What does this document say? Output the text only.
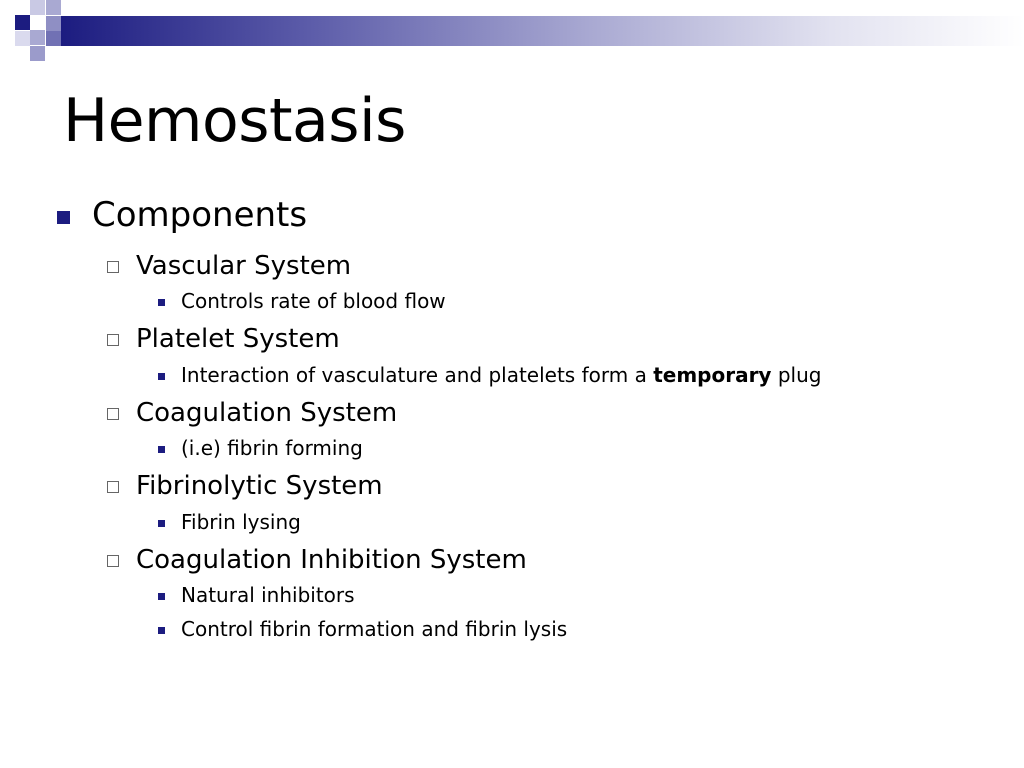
Hemostasis
Components
Vascular System
Controls rate of blood flow
Platelet System
Interaction of vasculature and platelets form a temporary plug
Coagulation System
(i.e) fibrin forming
Fibrinolytic System
Fibrin lysing
Coagulation Inhibition System
Natural inhibitors
Control fibrin formation and fibrin lysis
